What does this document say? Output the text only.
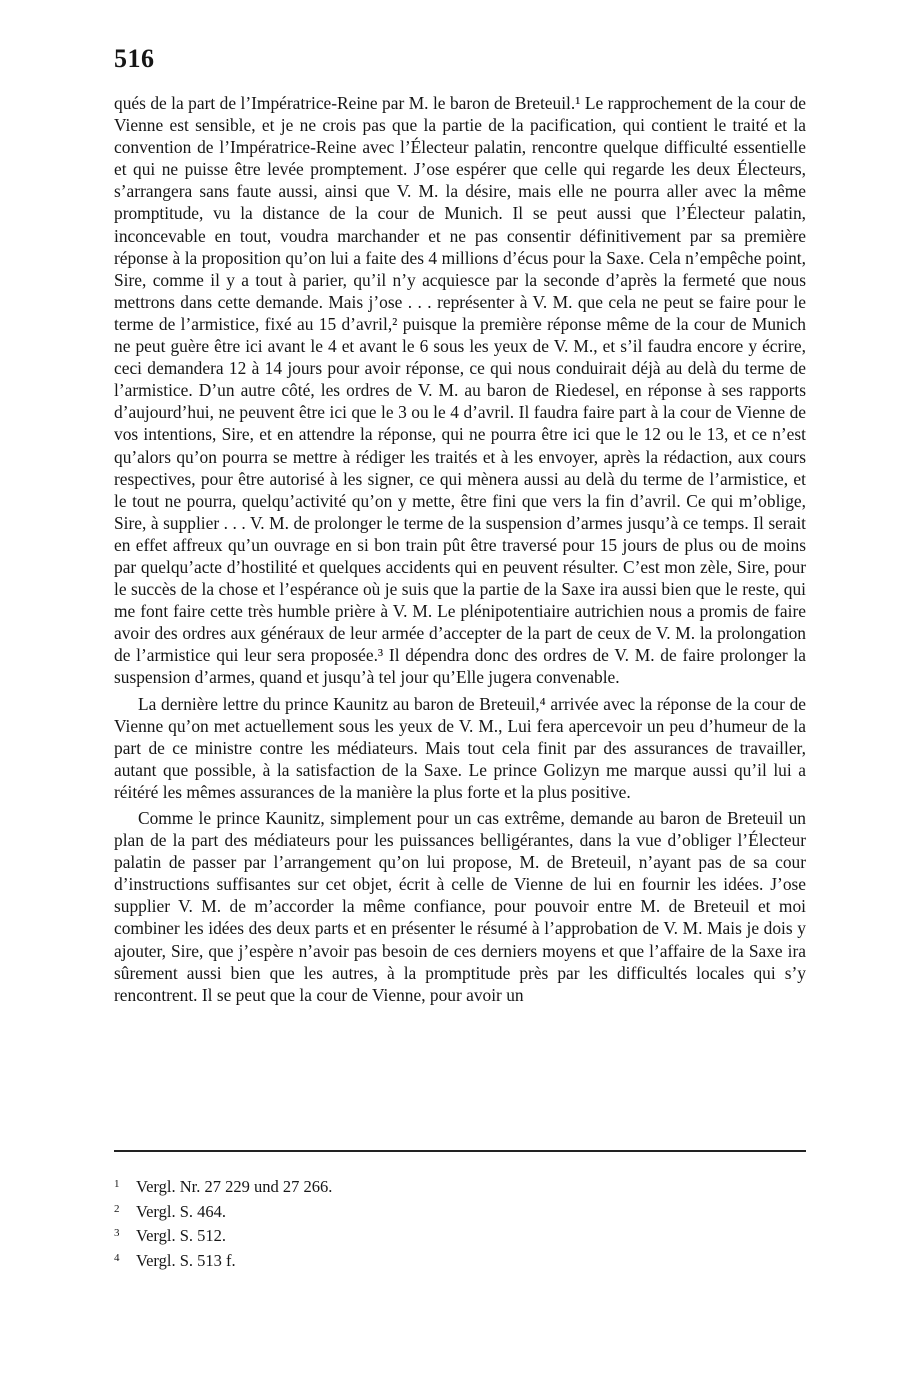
516

qués de la part de l’Impératrice-Reine par M. le baron de Breteuil.¹ Le rapprochement de la cour de Vienne est sensible, et je ne crois pas que la partie de la pacification, qui contient le traité et la convention de l’Impératrice-Reine avec l’Électeur palatin, rencontre quelque difficulté essentielle et qui ne puisse être levée promptement. J’ose espérer que celle qui regarde les deux Électeurs, s’arrangera sans faute aussi, ainsi que V. M. la désire, mais elle ne pourra aller avec la même promptitude, vu la distance de la cour de Munich. Il se peut aussi que l’Électeur palatin, inconcevable en tout, voudra marchander et ne pas consentir définitivement par sa première réponse à la proposition qu’on lui a faite des 4 millions d’écus pour la Saxe. Cela n’empêche point, Sire, comme il y a tout à parier, qu’il n’y acquiesce par la seconde d’après la fermeté que nous mettrons dans cette demande. Mais j’ose . . . représenter à V. M. que cela ne peut se faire pour le terme de l’armistice, fixé au 15 d’avril,² puisque la première réponse même de la cour de Munich ne peut guère être ici avant le 4 et avant le 6 sous les yeux de V. M., et s’il faudra encore y écrire, ceci demandera 12 à 14 jours pour avoir réponse, ce qui nous conduirait déjà au delà du terme de l’armistice. D’un autre côté, les ordres de V. M. au baron de Riedesel, en réponse à ses rapports d’aujourd’hui, ne peuvent être ici que le 3 ou le 4 d’avril. Il faudra faire part à la cour de Vienne de vos intentions, Sire, et en attendre la réponse, qui ne pourra être ici que le 12 ou le 13, et ce n’est qu’alors qu’on pourra se mettre à rédiger les traités et à les envoyer, après la rédaction, aux cours respectives, pour être autorisé à les signer, ce qui mènera aussi au delà du terme de l’armistice, et le tout ne pourra, quelqu’activité qu’on y mette, être fini que vers la fin d’avril. Ce qui m’oblige, Sire, à supplier . . . V. M. de prolonger le terme de la suspension d’armes jusqu’à ce temps. Il serait en effet affreux qu’un ouvrage en si bon train pût être traversé pour 15 jours de plus ou de moins par quelqu’acte d’hostilité et quelques accidents qui en peuvent résulter. C’est mon zèle, Sire, pour le succès de la chose et l’espérance où je suis que la partie de la Saxe ira aussi bien que le reste, qui me font faire cette très humble prière à V. M. Le plénipotentiaire autrichien nous a promis de faire avoir des ordres aux généraux de leur armée d’accepter de la part de ceux de V. M. la prolongation de l’armistice qui leur sera proposée.³ Il dépendra donc des ordres de V. M. de faire prolonger la suspension d’armes, quand et jusqu’à tel jour qu’Elle jugera convenable.

La dernière lettre du prince Kaunitz au baron de Breteuil,⁴ arrivée avec la réponse de la cour de Vienne qu’on met actuellement sous les yeux de V. M., Lui fera apercevoir un peu d’humeur de la part de ce ministre contre les médiateurs. Mais tout cela finit par des assurances de travailler, autant que possible, à la satisfaction de la Saxe. Le prince Golizyn me marque aussi qu’il lui a réitéré les mêmes assurances de la manière la plus forte et la plus positive.

Comme le prince Kaunitz, simplement pour un cas extrême, demande au baron de Breteuil un plan de la part des médiateurs pour les puissances belligérantes, dans la vue d’obliger l’Électeur palatin de passer par l’arrangement qu’on lui propose, M. de Breteuil, n’ayant pas de sa cour d’instructions suffisantes sur cet objet, écrit à celle de Vienne de lui en fournir les idées. J’ose supplier V. M. de m’accorder la même confiance, pour pouvoir entre M. de Breteuil et moi combiner les idées des deux parts et en présenter le résumé à l’approbation de V. M. Mais je dois y ajouter, Sire, que j’espère n’avoir pas besoin de ces derniers moyens et que l’affaire de la Saxe ira sûrement aussi bien que les autres, à la promptitude près par les difficultés locales qui s’y rencontrent. Il se peut que la cour de Vienne, pour avoir un

1	Vergl. Nr. 27 229 und 27 266.
2	Vergl. S. 464.
3	Vergl. S. 512.
4	Vergl. S. 513 f.
